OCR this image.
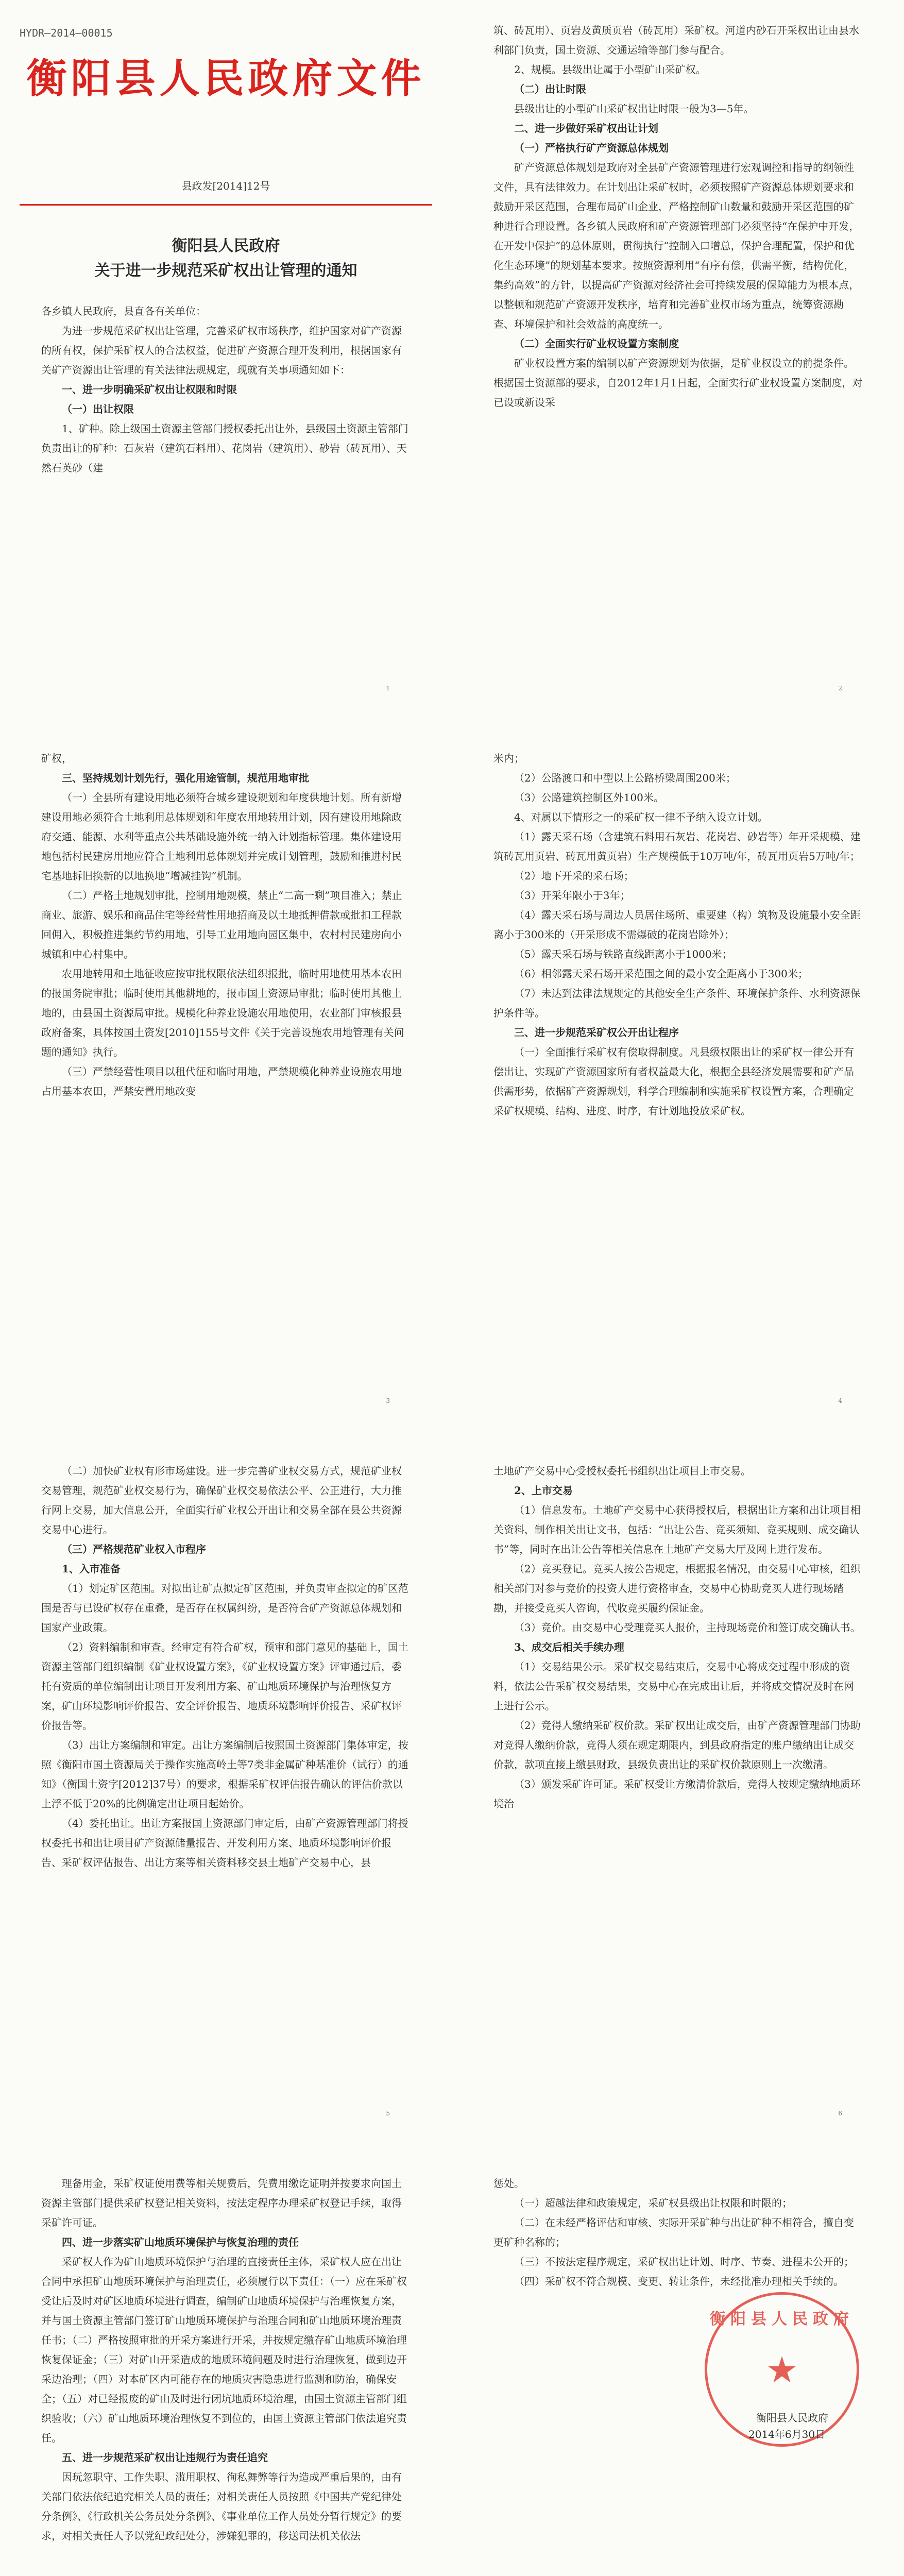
HYDR—2014—00015
衡阳县人民政府文件
县政发[2014]12号
衡阳县人民政府
关于进一步规范采矿权出让管理的通知

各乡镇人民政府，县直各有关单位：

为进一步规范采矿权出让管理，完善采矿权市场秩序，维护国家对矿产资源的所有权，保护采矿权人的合法权益，促进矿产资源合理开发利用，根据国家有关矿产资源出让管理的有关法律法规规定，现就有关事项通知如下：

一、进一步明确采矿权出让权限和时限

（一）出让权限

1、矿种。除上级国土资源主管部门授权委托出让外，县级国土资源主管部门负责出让的矿种：石灰岩（建筑石料用）、花岗岩（建筑用）、砂岩（砖瓦用）、天然石英砂（建

1

筑、砖瓦用）、页岩及黄质页岩（砖瓦用）采矿权。河道内砂石开采权出让由县水利部门负责，国土资源、交通运输等部门参与配合。

2、规模。县级出让属于小型矿山采矿权。

（二）出让时限

县级出让的小型矿山采矿权出让时限一般为3—5年。

二、进一步做好采矿权出让计划

（一）严格执行矿产资源总体规划

矿产资源总体规划是政府对全县矿产资源管理进行宏观调控和指导的纲领性文件，具有法律效力。在计划出让采矿权时，必须按照矿产资源总体规划要求和鼓励开采区范围，合理布局矿山企业，严格控制矿山数量和鼓励开采区范围的矿种进行合理设置。各乡镇人民政府和矿产资源管理部门必须坚持“在保护中开发，在开发中保护”的总体原则，贯彻执行“控制入口增总，保护合理配置，保护和优化生态环境”的规划基本要求。按照资源利用“有序有偿，供需平衡，结构优化，集约高效”的方针，以提高矿产资源对经济社会可持续发展的保障能力为根本点，以整顿和规范矿产资源开发秩序，培育和完善矿业权市场为重点，统筹资源勘查、环境保护和社会效益的高度统一。

（二）全面实行矿业权设置方案制度

矿业权设置方案的编制以矿产资源规划为依据，是矿业权设立的前提条件。根据国土资源部的要求，自2012年1月1日起，全面实行矿业权设置方案制度，对已设或新设采

2

矿权，

三、坚持规划计划先行，强化用途管制，规范用地审批

（一）全县所有建设用地必须符合城乡建设规划和年度供地计划。所有新增建设用地必须符合土地利用总体规划和年度农用地转用计划，因有建设用地除政府交通、能源、水利等重点公共基础设施外统一纳入计划指标管理。集体建设用地包括村民建房用地应符合土地利用总体规划并完成计划管理，鼓励和推进村民宅基地拆旧换新的以地换地“增减挂钩”机制。

（二）严格土地规划审批，控制用地规模，禁止“二高一剩”项目准入；禁止商业、旅游、娱乐和商品住宅等经营性用地招商及以土地抵押借款或批扣工程款回佣入，积极推进集约节约用地，引导工业用地向园区集中，农村村民建房向小城镇和中心村集中。

农用地转用和土地征收应按审批权限依法组织报批，临时用地使用基本农田的报国务院审批；临时使用其他耕地的，报市国土资源局审批；临时使用其他土地的，由县国土资源局审批。规模化种养业设施农用地使用，农业部门审核报县政府备案，具体按国土资发[2010]155号文件《关于完善设施农用地管理有关问题的通知》执行。

（三）严禁经营性项目以租代征和临时用地，严禁规模化种养业设施农用地占用基本农田，严禁安置用地改变

3

米内；

（2）公路渡口和中型以上公路桥梁周围200米；

（3）公路建筑控制区外100米。

4、对属以下情形之一的采矿权一律不予纳入设立计划。

（1）露天采石场（含建筑石料用石灰岩、花岗岩、砂岩等）年开采规模、建筑砖瓦用页岩、砖瓦用黄页岩）生产规模低于10万吨/年，砖瓦用页岩5万吨/年；

（2）地下开采的采石场；

（3）开采年限小于3年；

（4）露天采石场与周边人员居住场所、重要建（构）筑物及设施最小安全距离小于300米的（开采形成不需爆破的花岗岩除外）；

（5）露天采石场与铁路直线距离小于1000米；

（6）相邻露天采石场开采范围之间的最小安全距离小于300米；

（7）未达到法律法规规定的其他安全生产条件、环境保护条件、水利资源保护条件等。

三、进一步规范采矿权公开出让程序

（一）全面推行采矿权有偿取得制度。凡县级权限出让的采矿权一律公开有偿出让，实现矿产资源国家所有者权益最大化，根据全县经济发展需要和矿产品供需形势，依据矿产资源规划，科学合理编制和实施采矿权设置方案，合理确定采矿权规模、结构、进度、时序，有计划地投放采矿权。

4

（二）加快矿业权有形市场建设。进一步完善矿业权交易方式，规范矿业权交易管理，规范矿业权交易行为，确保矿业权交易依法公平、公正进行，大力推行网上交易，加大信息公开，全面实行矿业权公开出让和交易全部在县公共资源交易中心进行。

（三）严格规范矿业权入市程序

1、入市准备

（1）划定矿区范围。对拟出让矿点拟定矿区范围，并负责审查拟定的矿区范围是否与已设矿权存在重叠，是否存在权属纠纷，是否符合矿产资源总体规划和国家产业政策。

（2）资料编制和审查。经审定有符合矿权，预审和部门意见的基础上，国土资源主管部门组织编制《矿业权设置方案》，《矿业权设置方案》评审通过后，委托有资质的单位编制出让项目开发利用方案、矿山地质环境保护与治理恢复方案，矿山环境影响评价报告、安全评价报告、地质环境影响评价报告、采矿权评价报告等。

（3）出让方案编制和审定。出让方案编制后按照国土资源部门集体审定，按照《衡阳市国土资源局关于操作实施高岭土等7类非金属矿种基准价（试行）的通知》（衡国土资字[2012]37号）的要求，根据采矿权评估报告确认的评估价款以上浮不低于20%的比例确定出让项目起始价。

（4）委托出让。出让方案报国土资源部门审定后，由矿产资源管理部门将授权委托书和出让项目矿产资源储量报告、开发利用方案、地质环境影响评价报告、采矿权评估报告、出让方案等相关资料移交县土地矿产交易中心，县

5

土地矿产交易中心受授权委托书组织出让项目上市交易。

2、上市交易

（1）信息发布。土地矿产交易中心获得授权后，根据出让方案和出让项目相关资料，制作相关出让文书，包括：“出让公告、竞买须知、竞买规则、成交确认书”等，同时在出让公告等相关信息在土地矿产交易大厅及网上进行发布。

（2）竞买登记。竞买人按公告规定，根据报名情况，由交易中心审核，组织相关部门对参与竞价的投资人进行资格审查，交易中心协助竞买人进行现场踏勘，并接受竞买人咨询，代收竞买履约保证金。

（3）竞价。由交易中心受理竞买人报价，主持现场竞价和签订成交确认书。

3、成交后相关手续办理

（1）交易结果公示。采矿权交易结束后，交易中心将成交过程中形成的资料，依法公告采矿权交易结果，交易中心在完成出让后，并将成交情况及时在网上进行公示。

（2）竞得人缴纳采矿权价款。采矿权出让成交后，由矿产资源管理部门协助对竞得人缴纳价款，竞得人须在规定期限内，到县政府指定的账户缴纳出让成交价款，款项直接上缴县财政，县级负责出让的采矿权价款原则上一次缴清。

（3）颁发采矿许可证。采矿权受让方缴清价款后，竞得人按规定缴纳地质环境治

6

理备用金，采矿权证使用费等相关规费后，凭费用缴讫证明并按要求向国土资源主管部门提供采矿权登记相关资料，按法定程序办理采矿权登记手续，取得采矿许可证。

四、进一步落实矿山地质环境保护与恢复治理的责任

采矿权人作为矿山地质环境保护与治理的直接责任主体，采矿权人应在出让合同中承担矿山地质环境保护与治理责任，必须履行以下责任：（一）应在采矿权受让后及时对矿区地质环境进行调查，编制矿山地质环境保护与治理恢复方案，并与国土资源主管部门签订矿山地质环境保护与治理合同和矿山地质环境治理责任书；（二）严格按照审批的开采方案进行开采，并按规定缴存矿山地质环境治理恢复保证金；（三）对矿山开采造成的地质环境问题及时进行治理恢复，做到边开采边治理；（四）对本矿区内可能存在的地质灾害隐患进行监测和防治，确保安全；（五）对已经报废的矿山及时进行闭坑地质环境治理，由国土资源主管部门组织验收；（六）矿山地质环境治理恢复不到位的，由国土资源主管部门依法追究责任。

五、进一步规范采矿权出让违规行为责任追究

因玩忽职守、工作失职、滥用职权、徇私舞弊等行为造成严重后果的，由有关部门依法依纪追究相关人员的责任；对相关责任人员按照《中国共产党纪律处分条例》、《行政机关公务员处分条例》、《事业单位工作人员处分暂行规定》的要求，对相关责任人予以党纪政纪处分，涉嫌犯罪的，移送司法机关依法

惩处。

（一）超越法律和政策规定，采矿权县级出让权限和时限的；

（二）在未经严格评估和审核、实际开采矿种与出让矿种不相符合，擅自变更矿种名称的；

（三）不按法定程序规定，采矿权出让计划、时序、节奏、进程未公开的；

（四）采矿权不符合规模、变更、转让条件，未经批准办理相关手续的。

衡阳县人民政府
★
衡阳县人民政府
2014年6月30日
